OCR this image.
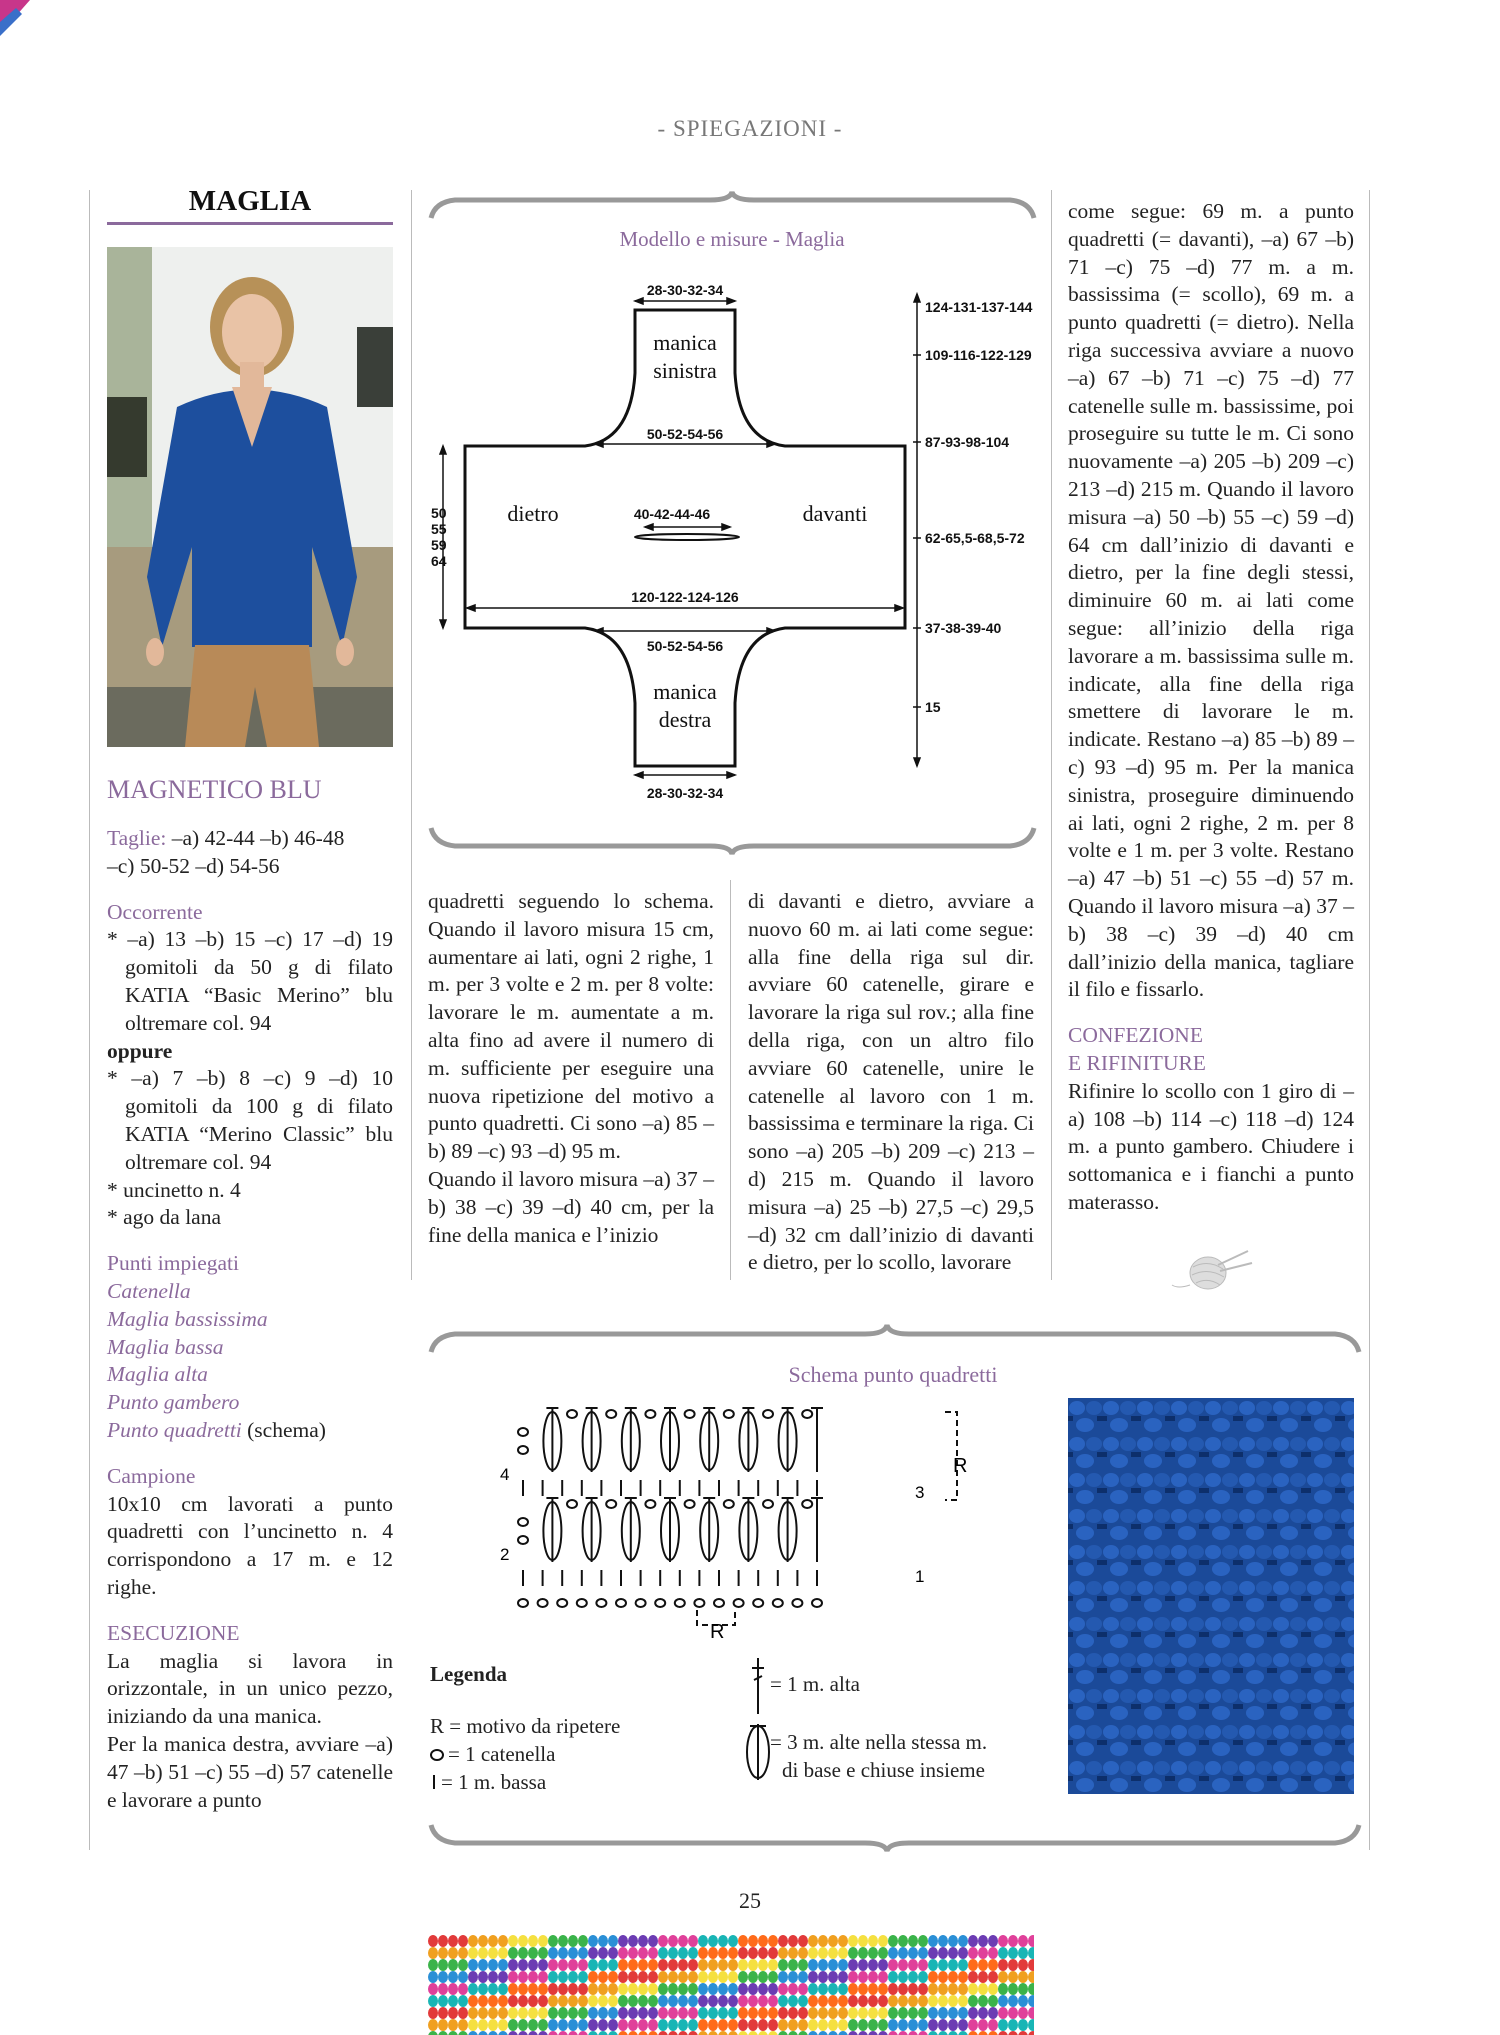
- SPIEGAZIONI -
MAGLIA
MAGNETICO BLU

Taglie: –a) 42-44 –b) 46-48

–c) 50-52 –d) 54-56

Occorrente

* –a) 13 –b) 15 –c) 17 –d) 19 gomitoli da 50 g di filato KATIA “Basic Merino” blu oltremare col. 94

oppure

* –a) 7 –b) 8 –c) 9 –d) 10 gomitoli da 100 g di filato KATIA “Merino Classic” blu oltremare col. 94

* uncinetto n. 4

* ago da lana

Punti impiegati

Catenella

Maglia bassissima

Maglia bassa

Maglia alta

Punto gambero

Punto quadretti (schema)

Campione

10x10 cm lavorati a punto quadretti con l’uncinetto n. 4 corrispondono a 17 m. e 12 righe.

ESECUZIONE

La maglia si lavora in orizzontale, in un unico pezzo, iniziando da una manica.

Per la manica destra, avviare –a) 47 –b) 51 –c) 55 –d) 57 catenelle e lavorare a punto

Modello e misure - Maglia
28-30-32-34
50-52-54-56
40-42-44-46
120-122-124-126
50-52-54-56
28-30-32-34
50
55
59
64
124-131-137-144
109-116-122-129
87-93-98-104
62-65,5-68,5-72
37-38-39-40
15
manica
sinistra
dietro	davanti
manica
destra

quadretti seguendo lo schema. Quando il lavoro misura 15 cm, aumentare ai lati, ogni 2 righe, 1 m. per 3 volte e 2 m. per 8 volte: lavorare le m. aumentate a m. alta fino ad avere il numero di m. sufficiente per eseguire una nuova ripetizione del motivo a punto quadretti. Ci sono –a) 85 –b) 89 –c) 93 –d) 95 m.

Quando il lavoro misura –a) 37 –b) 38 –c) 39 –d) 40 cm, per la fine della manica e l’inizio

di davanti e dietro, avviare a nuovo 60 m. ai lati come segue: alla fine della riga sul dir. avviare 60 catenelle, girare e lavorare la riga sul rov.; alla fine della riga, con un altro filo avviare 60 catenelle, unire le catenelle al lavoro con 1 m. bassissima e terminare la riga. Ci sono –a) 205 –b) 209 –c) 213 –d) 215 m. Quando il lavoro misura –a) 25 –b) 27,5 –c) 29,5 –d) 32 cm dall’inizio di davanti e dietro, per lo scollo, lavorare

come segue: 69 m. a punto quadretti (= davanti), –a) 67 –b) 71 –c) 75 –d) 77 m. a m. bassissima (= scollo), 69 m. a punto quadretti (= dietro). Nella riga successiva avviare a nuovo –a) 67 –b) 71 –c) 75 –d) 77 catenelle sulle m. bassissime, poi proseguire su tutte le m. Ci sono nuovamente –a) 205 –b) 209 –c) 213 –d) 215 m. Quando il lavoro misura –a) 50 –b) 55 –c) 59 –d) 64 cm dall’inizio di davanti e dietro, per la fine degli stessi, diminuire 60 m. ai lati come segue: all’inizio della riga lavorare a m. bassissima sulle m. indicate, alla fine della riga smettere di lavorare le m. indicate. Restano –a) 85 –b) 89 –c) 93 –d) 95 m. Per la manica sinistra, proseguire diminuendo ai lati, ogni 2 righe, 2 m. per 8 volte e 1 m. per 3 volte. Restano –a) 47 –b) 51 –c) 55 –d) 57 m. Quando il lavoro misura –a) 37 –b) 38 –c) 39 –d) 40 cm dall’inizio della manica, tagliare il filo e fissarlo.

CONFEZIONE
E RIFINITURE

Rifinire lo scollo con 1 giro di –a) 108 –b) 114 –c) 118 –d) 124 m. a punto gambero. Chiudere i sottomanica e i fianchi a punto materasso.

Schema punto quadretti
4
3
2
1
R
R
Legenda
R = motivo da ripetere
= 1 catenella
= 1 m. bassa
= 1 m. alta
= 3 m. alte nella stessa m.
di base e chiuse insieme
25
